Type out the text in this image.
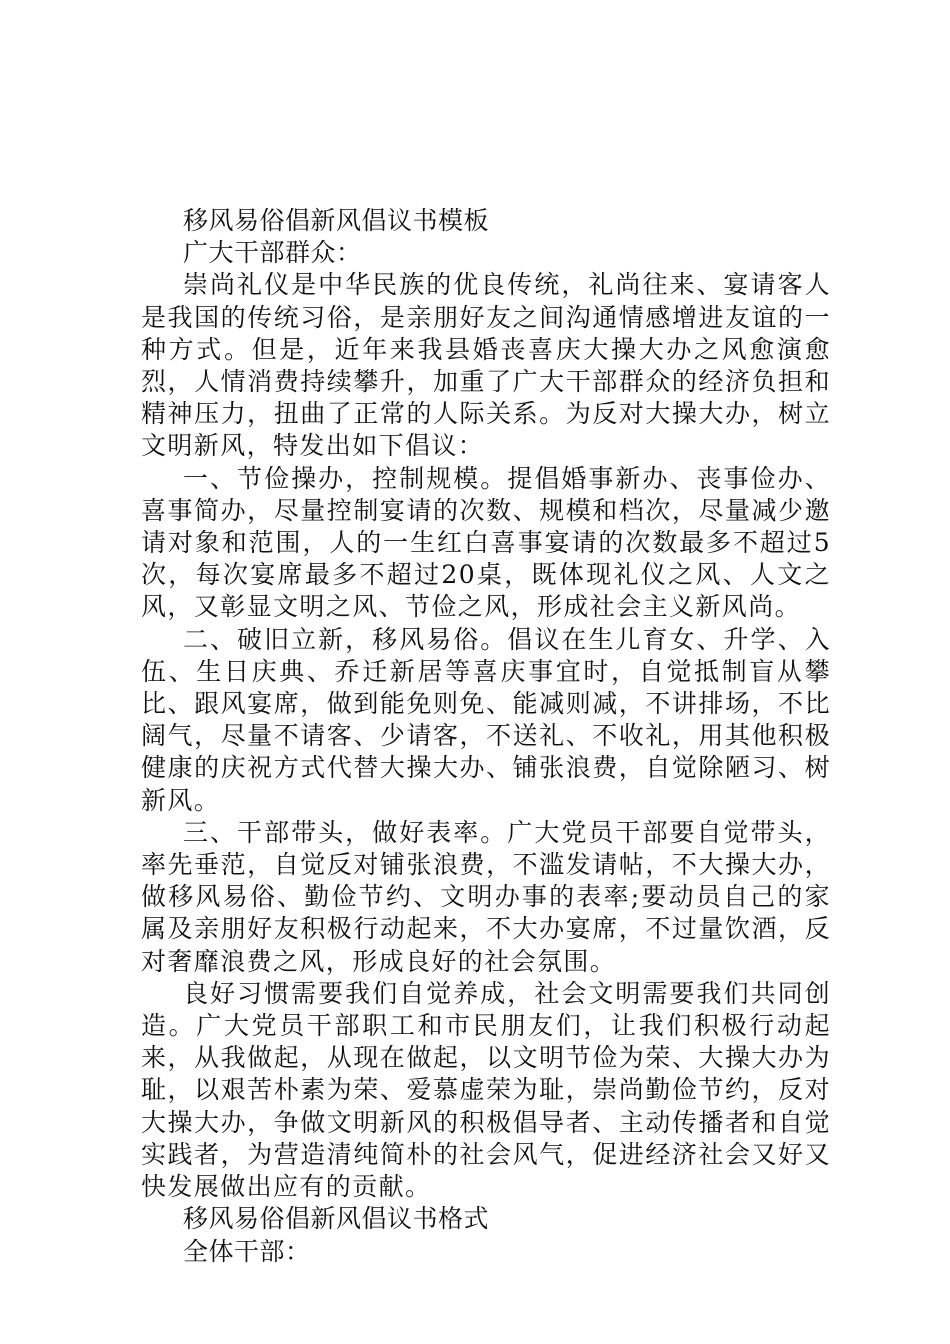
移风易俗倡新风倡议书模板

广大干部群众：

崇尚礼仪是中华民族的优良传统，礼尚往来、宴请客人是我国的传统习俗，是亲朋好友之间沟通情感增进友谊的一种方式。但是，近年来我县婚丧喜庆大操大办之风愈演愈烈，人情消费持续攀升，加重了广大干部群众的经济负担和精神压力，扭曲了正常的人际关系。为反对大操大办，树立文明新风，特发出如下倡议：

一、节俭操办，控制规模。提倡婚事新办、丧事俭办、喜事简办，尽量控制宴请的次数、规模和档次，尽量减少邀请对象和范围，人的一生红白喜事宴请的次数最多不超过5次，每次宴席最多不超过20桌，既体现礼仪之风、人文之风，又彰显文明之风、节俭之风，形成社会主义新风尚。

二、破旧立新，移风易俗。倡议在生儿育女、升学、入伍、生日庆典、乔迁新居等喜庆事宜时，自觉抵制盲从攀比、跟风宴席，做到能免则免、能减则减，不讲排场，不比阔气，尽量不请客、少请客，不送礼、不收礼，用其他积极健康的庆祝方式代替大操大办、铺张浪费，自觉除陋习、树新风。

三、干部带头，做好表率。广大党员干部要自觉带头，率先垂范，自觉反对铺张浪费，不滥发请帖，不大操大办，做移风易俗、勤俭节约、文明办事的表率;要动员自己的家属及亲朋好友积极行动起来，不大办宴席，不过量饮酒，反对奢靡浪费之风，形成良好的社会氛围。

良好习惯需要我们自觉养成，社会文明需要我们共同创造。广大党员干部职工和市民朋友们，让我们积极行动起来，从我做起，从现在做起，以文明节俭为荣、大操大办为耻，以艰苦朴素为荣、爱慕虚荣为耻，崇尚勤俭节约，反对大操大办，争做文明新风的积极倡导者、主动传播者和自觉实践者，为营造清纯简朴的社会风气，促进经济社会又好又快发展做出应有的贡献。

移风易俗倡新风倡议书格式

全体干部：
